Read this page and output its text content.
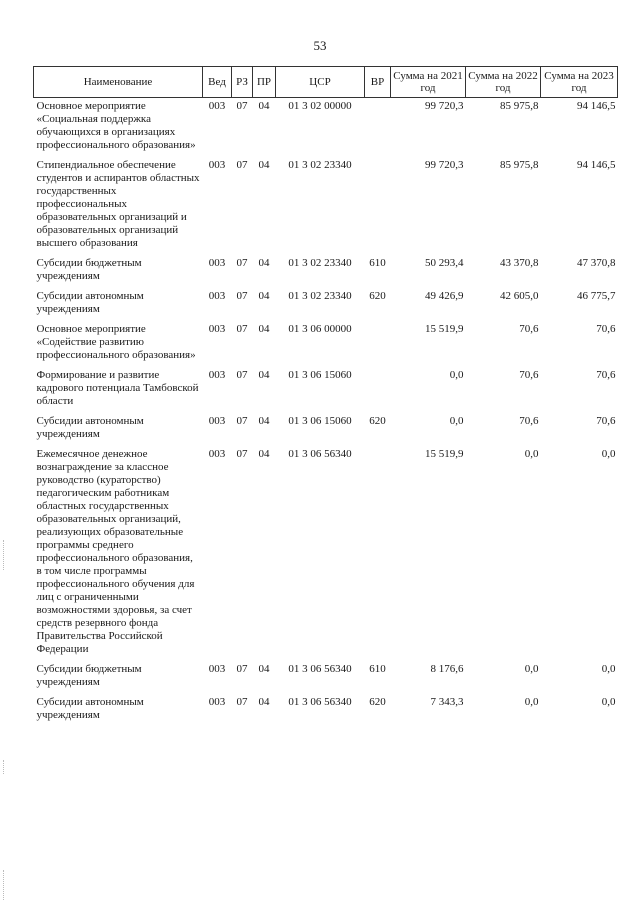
53
Наименование	Вед	РЗ	ПР	ЦСР	ВР	Сумма на 2021 год	Сумма на 2022 год	Сумма на 2023 год
Основное мероприятие «Социальная поддержка обучающихся в организациях профессионального образования»	003	07	04	01 3 02 00000		99 720,3	85 975,8	94 146,5
Стипендиальное обеспечение студентов и аспирантов областных государственных профессиональных образовательных организаций и образовательных организаций высшего образования	003	07	04	01 3 02 23340		99 720,3	85 975,8	94 146,5
Субсидии бюджетным учреждениям	003	07	04	01 3 02 23340	610	50 293,4	43 370,8	47 370,8
Субсидии автономным учреждениям	003	07	04	01 3 02 23340	620	49 426,9	42 605,0	46 775,7
Основное мероприятие «Содействие развитию профессионального образования»	003	07	04	01 3 06 00000		15 519,9	70,6	70,6
Формирование и развитие кадрового потенциала Тамбовской области	003	07	04	01 3 06 15060		0,0	70,6	70,6
Субсидии автономным учреждениям	003	07	04	01 3 06 15060	620	0,0	70,6	70,6
Ежемесячное денежное вознаграждение за классное руководство (кураторство) педагогическим работникам областных государственных образовательных организаций, реализующих образовательные программы среднего профессионального образования, в том числе программы профессионального обучения для лиц с ограниченными возможностями здоровья, за счет средств резервного фонда Правительства Российской Федерации	003	07	04	01 3 06 56340		15 519,9	0,0	0,0
Субсидии бюджетным учреждениям	003	07	04	01 3 06 56340	610	8 176,6	0,0	0,0
Субсидии автономным учреждениям	003	07	04	01 3 06 56340	620	7 343,3	0,0	0,0
